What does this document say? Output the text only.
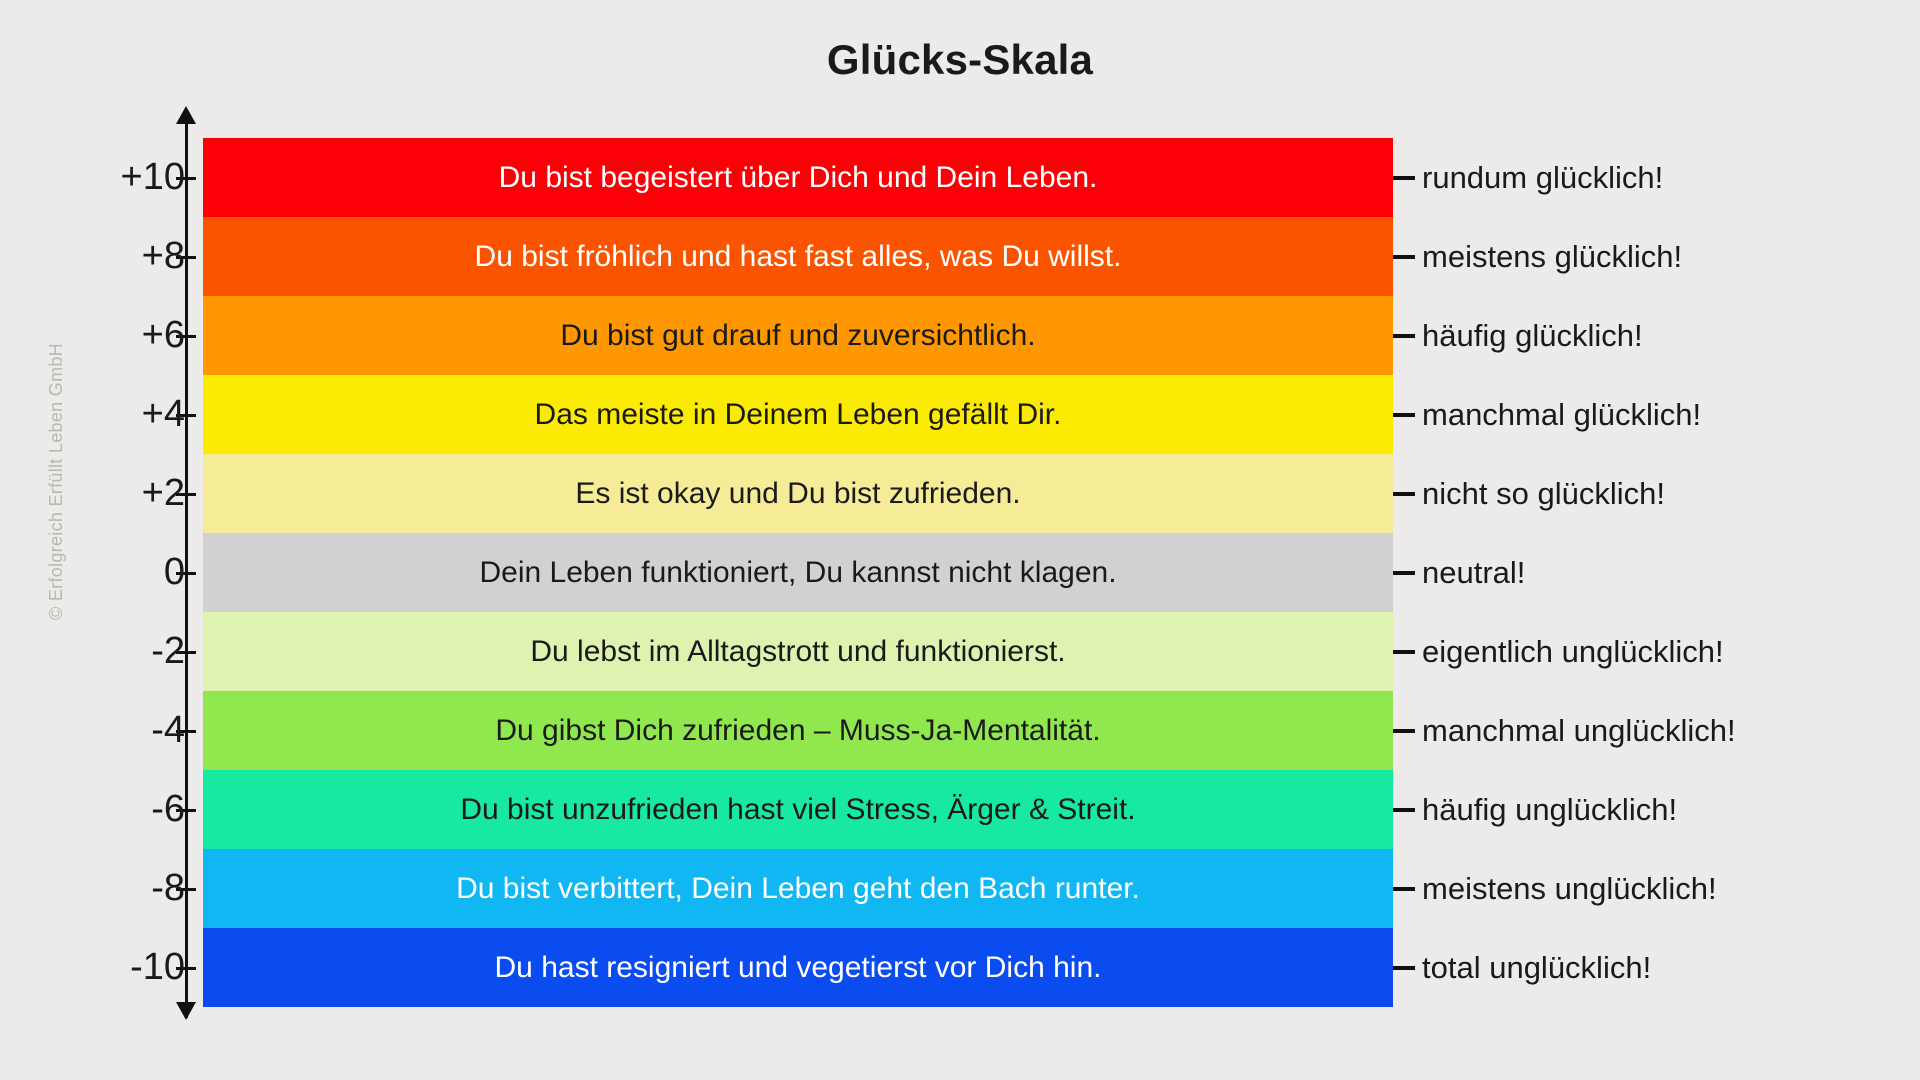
Glücks-Skala
+10
+8
+6
+4
+2
0
-2
-4
-6
-8
-10
Du bist begeistert über Dich und Dein Leben.
Du bist fröhlich und hast fast alles, was Du willst.
Du bist gut drauf und zuversichtlich.
Das meiste in Deinem Leben gefällt Dir.
Es ist okay und Du bist zufrieden.
Dein Leben funktioniert, Du kannst nicht klagen.
Du lebst im Alltagstrott und funktionierst.
Du gibst Dich zufrieden – Muss-Ja-Mentalität.
Du bist unzufrieden hast viel Stress, Ärger & Streit.
Du bist verbittert, Dein Leben geht den Bach runter.
Du hast resigniert und vegetierst vor Dich hin.
rundum glücklich!
meistens glücklich!
häufig glücklich!
manchmal glücklich!
nicht so glücklich!
neutral!
eigentlich unglücklich!
manchmal unglücklich!
häufig unglücklich!
meistens unglücklich!
total unglücklich!
© Erfolgreich Erfüllt Leben GmbH
